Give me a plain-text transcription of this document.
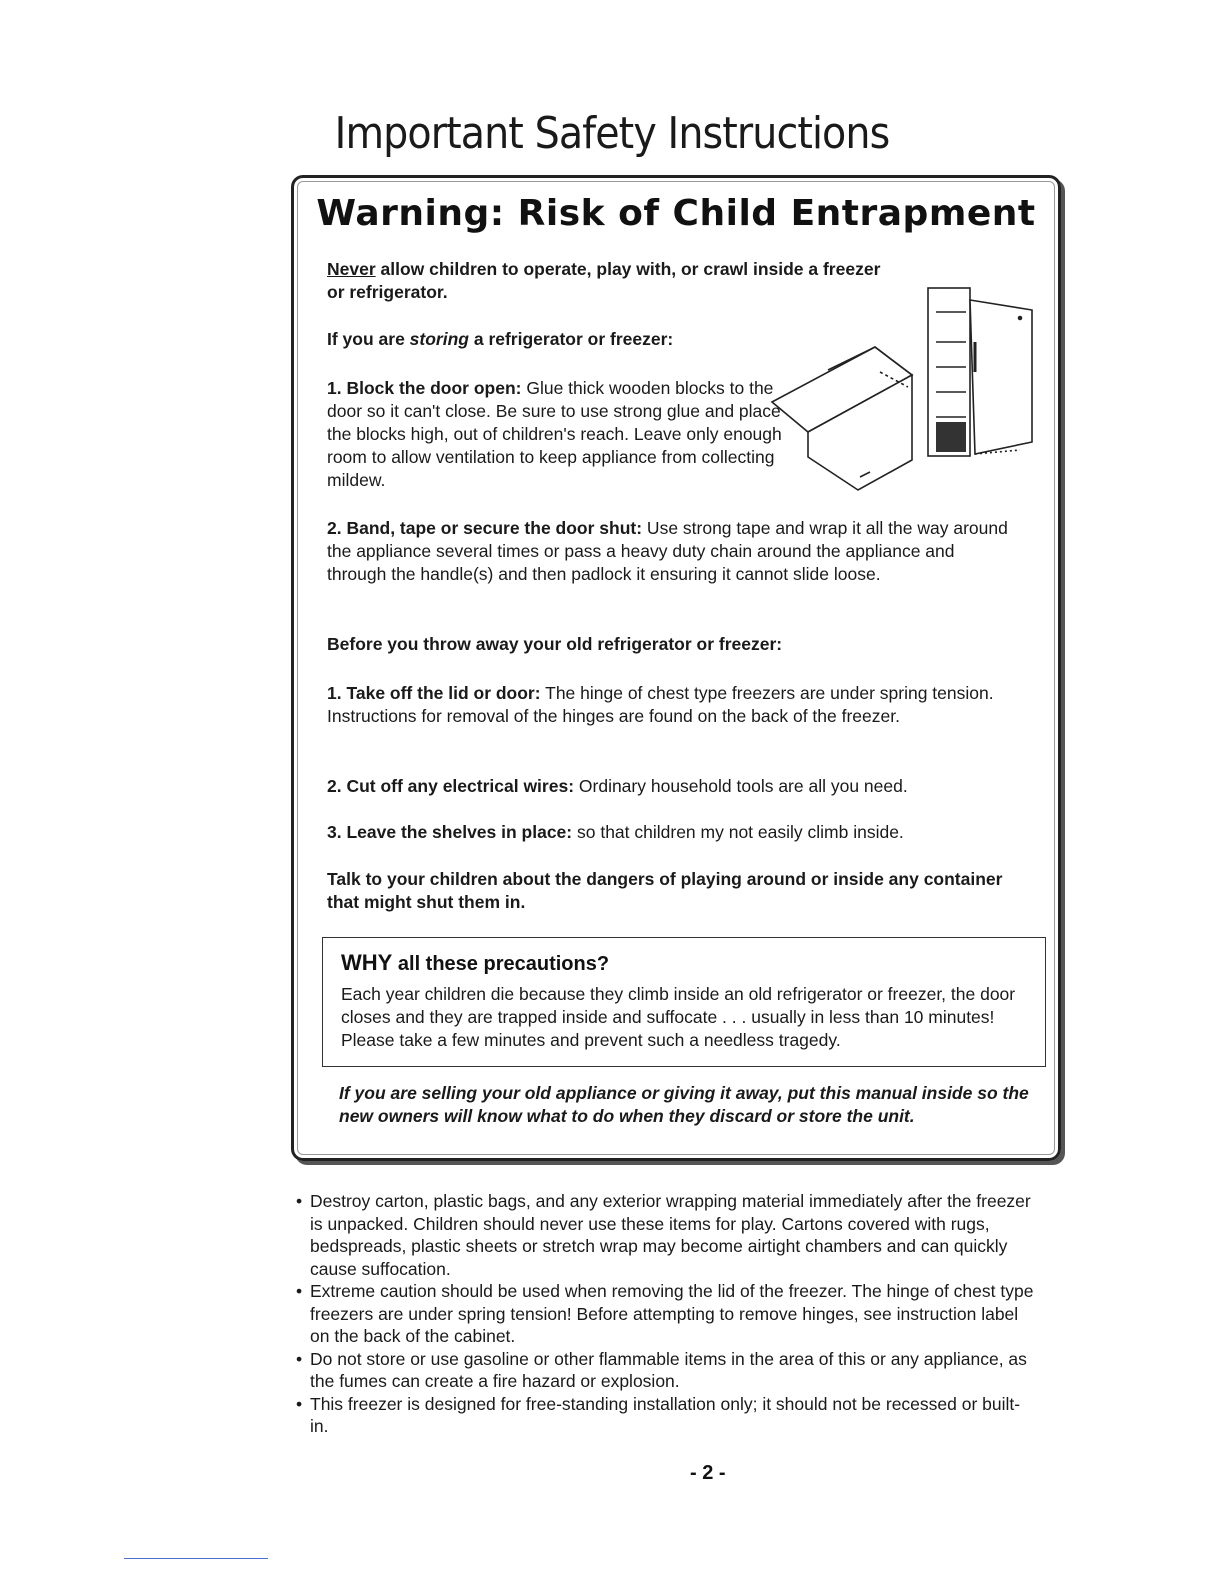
Important Safety Instructions
Warning: Risk of Child Entrapment
Never allow children to operate, play with, or crawl inside a freezer or refrigerator.
If you are storing a refrigerator or freezer:
1. Block the door open: Glue thick wooden blocks to the door so it can't close. Be sure to use strong glue and place the blocks high, out of children's reach. Leave only enough room to allow ventilation to keep appliance from collecting mildew.
2. Band, tape or secure the door shut: Use strong tape and wrap it all the way around the appliance several times or pass a heavy duty chain around the appliance and through the handle(s) and then padlock it ensuring it cannot slide loose.
Before you throw away your old refrigerator or freezer:
1. Take off the lid or door: The hinge of chest type freezers are under spring tension. Instructions for removal of the hinges are found on the back of the freezer.
2. Cut off any electrical wires: Ordinary household tools are all you need.
3. Leave the shelves in place: so that children my not easily climb inside.
Talk to your children about the dangers of playing around or inside any container that might shut them in.
WHY all these precautions?
Each year children die because they climb inside an old refrigerator or freezer, the door closes and they are trapped inside and suffocate . . . usually in less than 10 minutes! Please take a few minutes and prevent such a needless tragedy.
If you are selling your old appliance or giving it away, put this manual inside so the new owners will know what to do when they discard or store the unit.
• Destroy carton, plastic bags, and any exterior wrapping material immediately after the freezer is unpacked. Children should never use these items for play. Cartons covered with rugs, bedspreads, plastic sheets or stretch wrap may become airtight chambers and can quickly cause suffocation.
• Extreme caution should be used when removing the lid of the freezer. The hinge of chest type freezers are under spring tension! Before attempting to remove hinges, see instruction label on the back of the cabinet.
• Do not store or use gasoline or other flammable items in the area of this or any appliance, as the fumes can create a fire hazard or explosion.
• This freezer is designed for free-standing installation only; it should not be recessed or built-in.
- 2 -
